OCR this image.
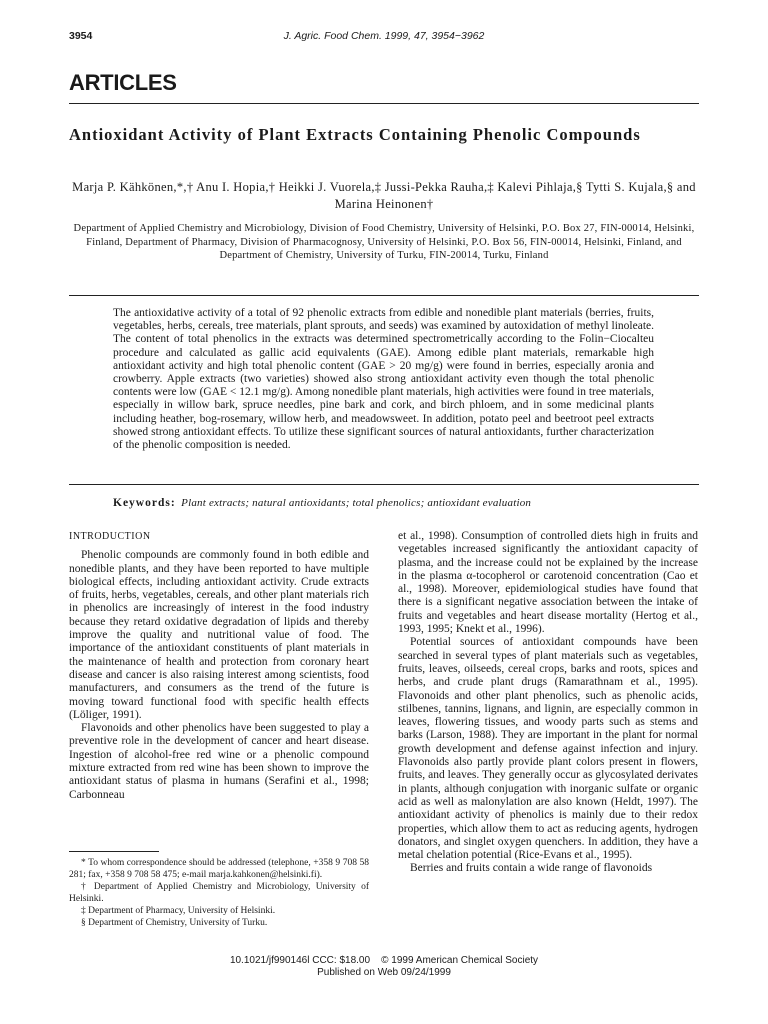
3954	J. Agric. Food Chem. 1999, 47, 3954−3962
ARTICLES
Antioxidant Activity of Plant Extracts Containing Phenolic Compounds

Marja P. Kähkönen,*,† Anu I. Hopia,† Heikki J. Vuorela,‡ Jussi-Pekka Rauha,‡ Kalevi Pihlaja,§ Tytti S. Kujala,§ and Marina Heinonen†

Department of Applied Chemistry and Microbiology, Division of Food Chemistry, University of Helsinki, P.O. Box 27, FIN-00014, Helsinki, Finland, Department of Pharmacy, Division of Pharmacognosy, University of Helsinki, P.O. Box 56, FIN-00014, Helsinki, Finland, and Department of Chemistry, University of Turku, FIN-20014, Turku, Finland

The antioxidative activity of a total of 92 phenolic extracts from edible and nonedible plant materials (berries, fruits, vegetables, herbs, cereals, tree materials, plant sprouts, and seeds) was examined by autoxidation of methyl linoleate. The content of total phenolics in the extracts was determined spectrometrically according to the Folin−Ciocalteu procedure and calculated as gallic acid equivalents (GAE). Among edible plant materials, remarkable high antioxidant activity and high total phenolic content (GAE > 20 mg/g) were found in berries, especially aronia and crowberry. Apple extracts (two varieties) showed also strong antioxidant activity even though the total phenolic contents were low (GAE < 12.1 mg/g). Among nonedible plant materials, high activities were found in tree materials, especially in willow bark, spruce needles, pine bark and cork, and birch phloem, and in some medicinal plants including heather, bog-rosemary, willow herb, and meadowsweet. In addition, potato peel and beetroot peel extracts showed strong antioxidant effects. To utilize these significant sources of natural antioxidants, further characterization of the phenolic composition is needed.

Keywords: Plant extracts; natural antioxidants; total phenolics; antioxidant evaluation

INTRODUCTION

Phenolic compounds are commonly found in both edible and nonedible plants, and they have been reported to have multiple biological effects, including antioxidant activity. Crude extracts of fruits, herbs, vegetables, cereals, and other plant materials rich in phenolics are increasingly of interest in the food industry because they retard oxidative degradation of lipids and thereby improve the quality and nutritional value of food. The importance of the antioxidant constituents of plant materials in the maintenance of health and protection from coronary heart disease and cancer is also raising interest among scientists, food manufacturers, and consumers as the trend of the future is moving toward functional food with specific health effects (Löliger, 1991).

Flavonoids and other phenolics have been suggested to play a preventive role in the development of cancer and heart disease. Ingestion of alcohol-free red wine or a phenolic compound mixture extracted from red wine has been shown to improve the antioxidant status of plasma in humans (Serafini et al., 1998; Carbonneau

* To whom correspondence should be addressed (telephone, +358 9 708 58 281; fax, +358 9 708 58 475; e-mail marja.kahkonen@helsinki.fi).

† Department of Applied Chemistry and Microbiology, University of Helsinki.

‡ Department of Pharmacy, University of Helsinki.

§ Department of Chemistry, University of Turku.

et al., 1998). Consumption of controlled diets high in fruits and vegetables increased significantly the antioxidant capacity of plasma, and the increase could not be explained by the increase in the plasma α-tocopherol or carotenoid concentration (Cao et al., 1998). Moreover, epidemiological studies have found that there is a significant negative association between the intake of fruits and vegetables and heart disease mortality (Hertog et al., 1993, 1995; Knekt et al., 1996).

Potential sources of antioxidant compounds have been searched in several types of plant materials such as vegetables, fruits, leaves, oilseeds, cereal crops, barks and roots, spices and herbs, and crude plant drugs (Ramarathnam et al., 1995). Flavonoids and other plant phenolics, such as phenolic acids, stilbenes, tannins, lignans, and lignin, are especially common in leaves, flowering tissues, and woody parts such as stems and barks (Larson, 1988). They are important in the plant for normal growth development and defense against infection and injury. Flavonoids also partly provide plant colors present in flowers, fruits, and leaves. They generally occur as glycosylated derivates in plants, although conjugation with inorganic sulfate or organic acid as well as malonylation are also known (Heldt, 1997). The antioxidant activity of phenolics is mainly due to their redox properties, which allow them to act as reducing agents, hydrogen donators, and singlet oxygen quenchers. In addition, they have a metal chelation potential (Rice-Evans et al., 1995).

Berries and fruits contain a wide range of flavonoids

10.1021/jf990146l CCC: $18.00    © 1999 American Chemical Society
Published on Web 09/24/1999
